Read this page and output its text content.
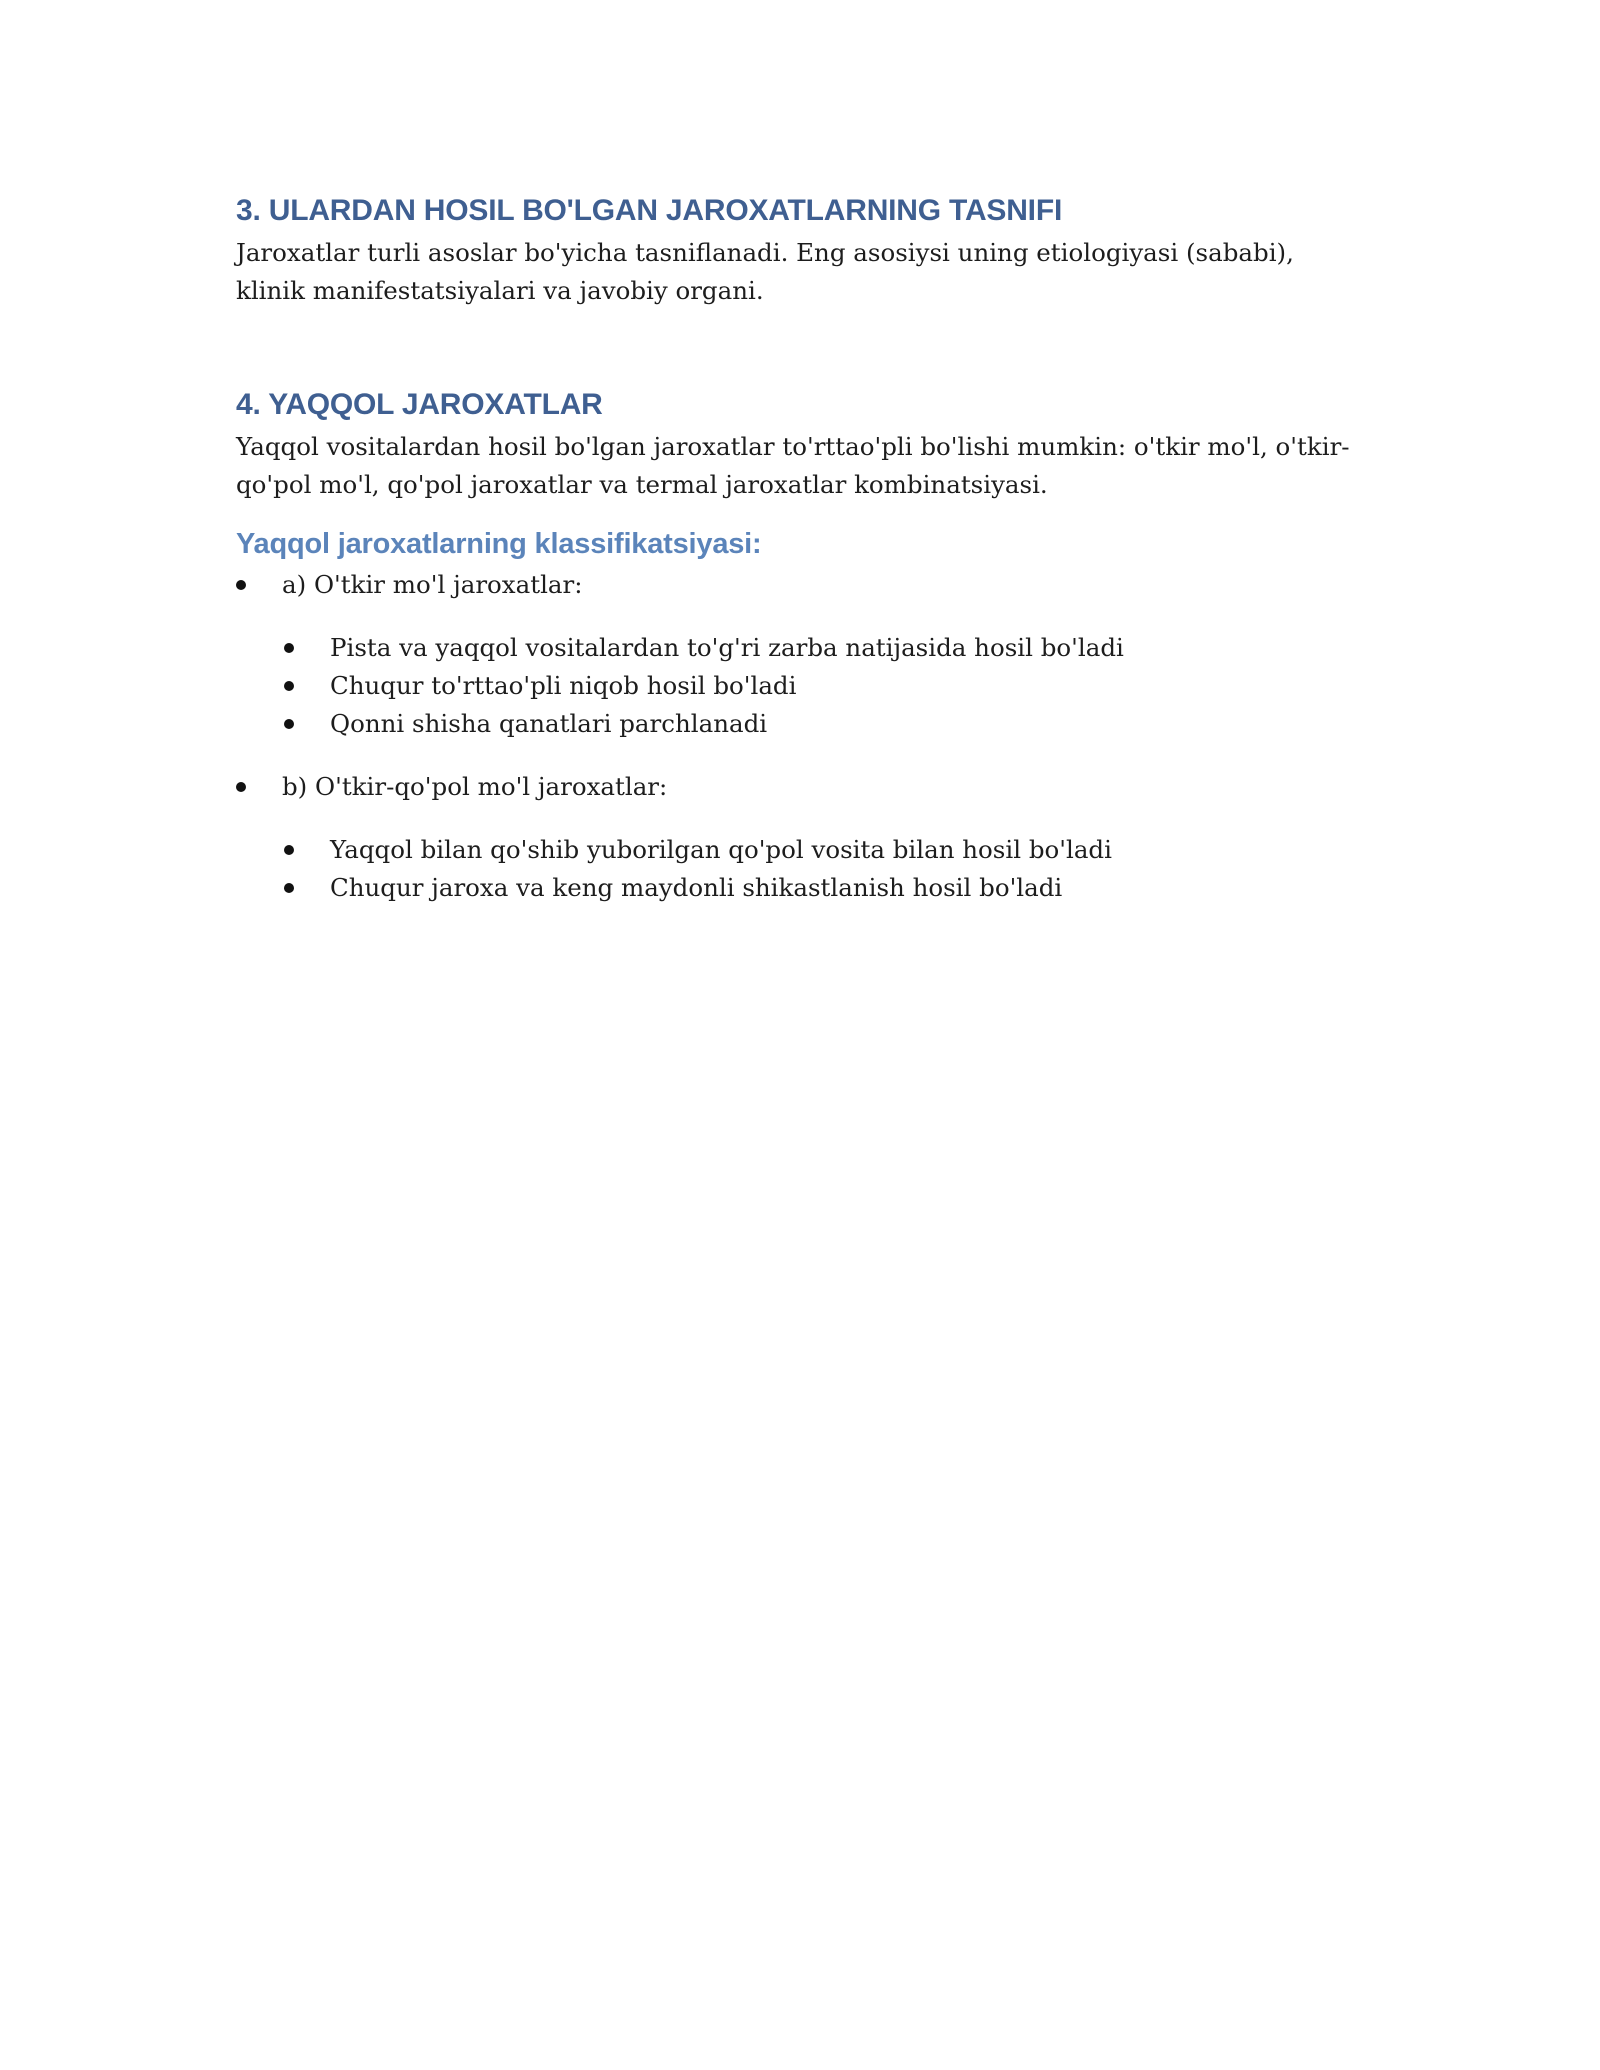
3. ULARDAN HOSIL BO'LGAN JAROXATLARNING TASNIFI

Jaroxatlar turli asoslar bo'yicha tasniflanadi. Eng asosiysi uning etiologiyasi (sababi), klinik manifestatsiyalari va javobiy organi.

4. YAQQOL JAROXATLAR

Yaqqol vositalardan hosil bo'lgan jaroxatlar to'rttao'pli bo'lishi mumkin: o'tkir mo'l, o'tkir-qo'pol mo'l, qo'pol jaroxatlar va termal jaroxatlar kombinatsiyasi.

Yaqqol jaroxatlarning klassifikatsiyasi:
a) O'tkir mo'l jaroxatlar:
Pista va yaqqol vositalardan to'g'ri zarba natijasida hosil bo'ladi
Chuqur to'rttao'pli niqob hosil bo'ladi
Qonni shisha qanatlari parchlanadi
b) O'tkir-qo'pol mo'l jaroxatlar:
Yaqqol bilan qo'shib yuborilgan qo'pol vosita bilan hosil bo'ladi
Chuqur jaroxa va keng maydonli shikastlanish hosil bo'ladi
